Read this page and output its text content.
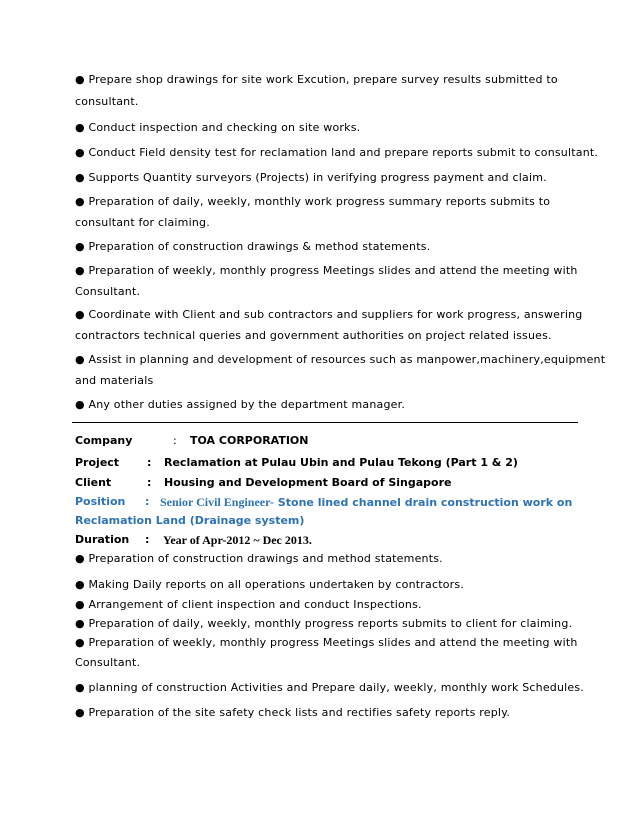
● Prepare shop drawings for site work Excution, prepare survey results submitted to
consultant.
● Conduct inspection and checking on site works.
● Conduct Field density test for reclamation land and prepare reports submit to consultant.
● Supports Quantity surveyors (Projects) in verifying progress payment and claim.
● Preparation of daily, weekly, monthly work progress summary reports submits to
consultant for claiming.
● Preparation of construction drawings & method statements.
● Preparation of weekly, monthly progress Meetings slides and attend the meeting with
Consultant.
● Coordinate with Client and sub contractors and suppliers for work progress, answering
contractors technical queries and government authorities on project related issues.
● Assist in planning and development of resources such as manpower,machinery,equipment
and materials
● Any other duties assigned by the department manager.
Company	: TOA CORPORATION
Project	: Reclamation at Pulau Ubin and Pulau Tekong (Part 1 & 2)
Client	: Housing and Development Board of Singapore
Position : Senior Civil Engineer- Stone lined channel drain construction work on
Reclamation Land (Drainage system)
Duration : Year of Apr-2012 ~ Dec 2013.
● Preparation of construction drawings and method statements.
● Making Daily reports on all operations undertaken by contractors.
● Arrangement of client inspection and conduct Inspections.
● Preparation of daily, weekly, monthly progress reports submits to client for claiming.
● Preparation of weekly, monthly progress Meetings slides and attend the meeting with
Consultant.
● planning of construction Activities and Prepare daily, weekly, monthly work Schedules.
● Preparation of the site safety check lists and rectifies safety reports reply.
